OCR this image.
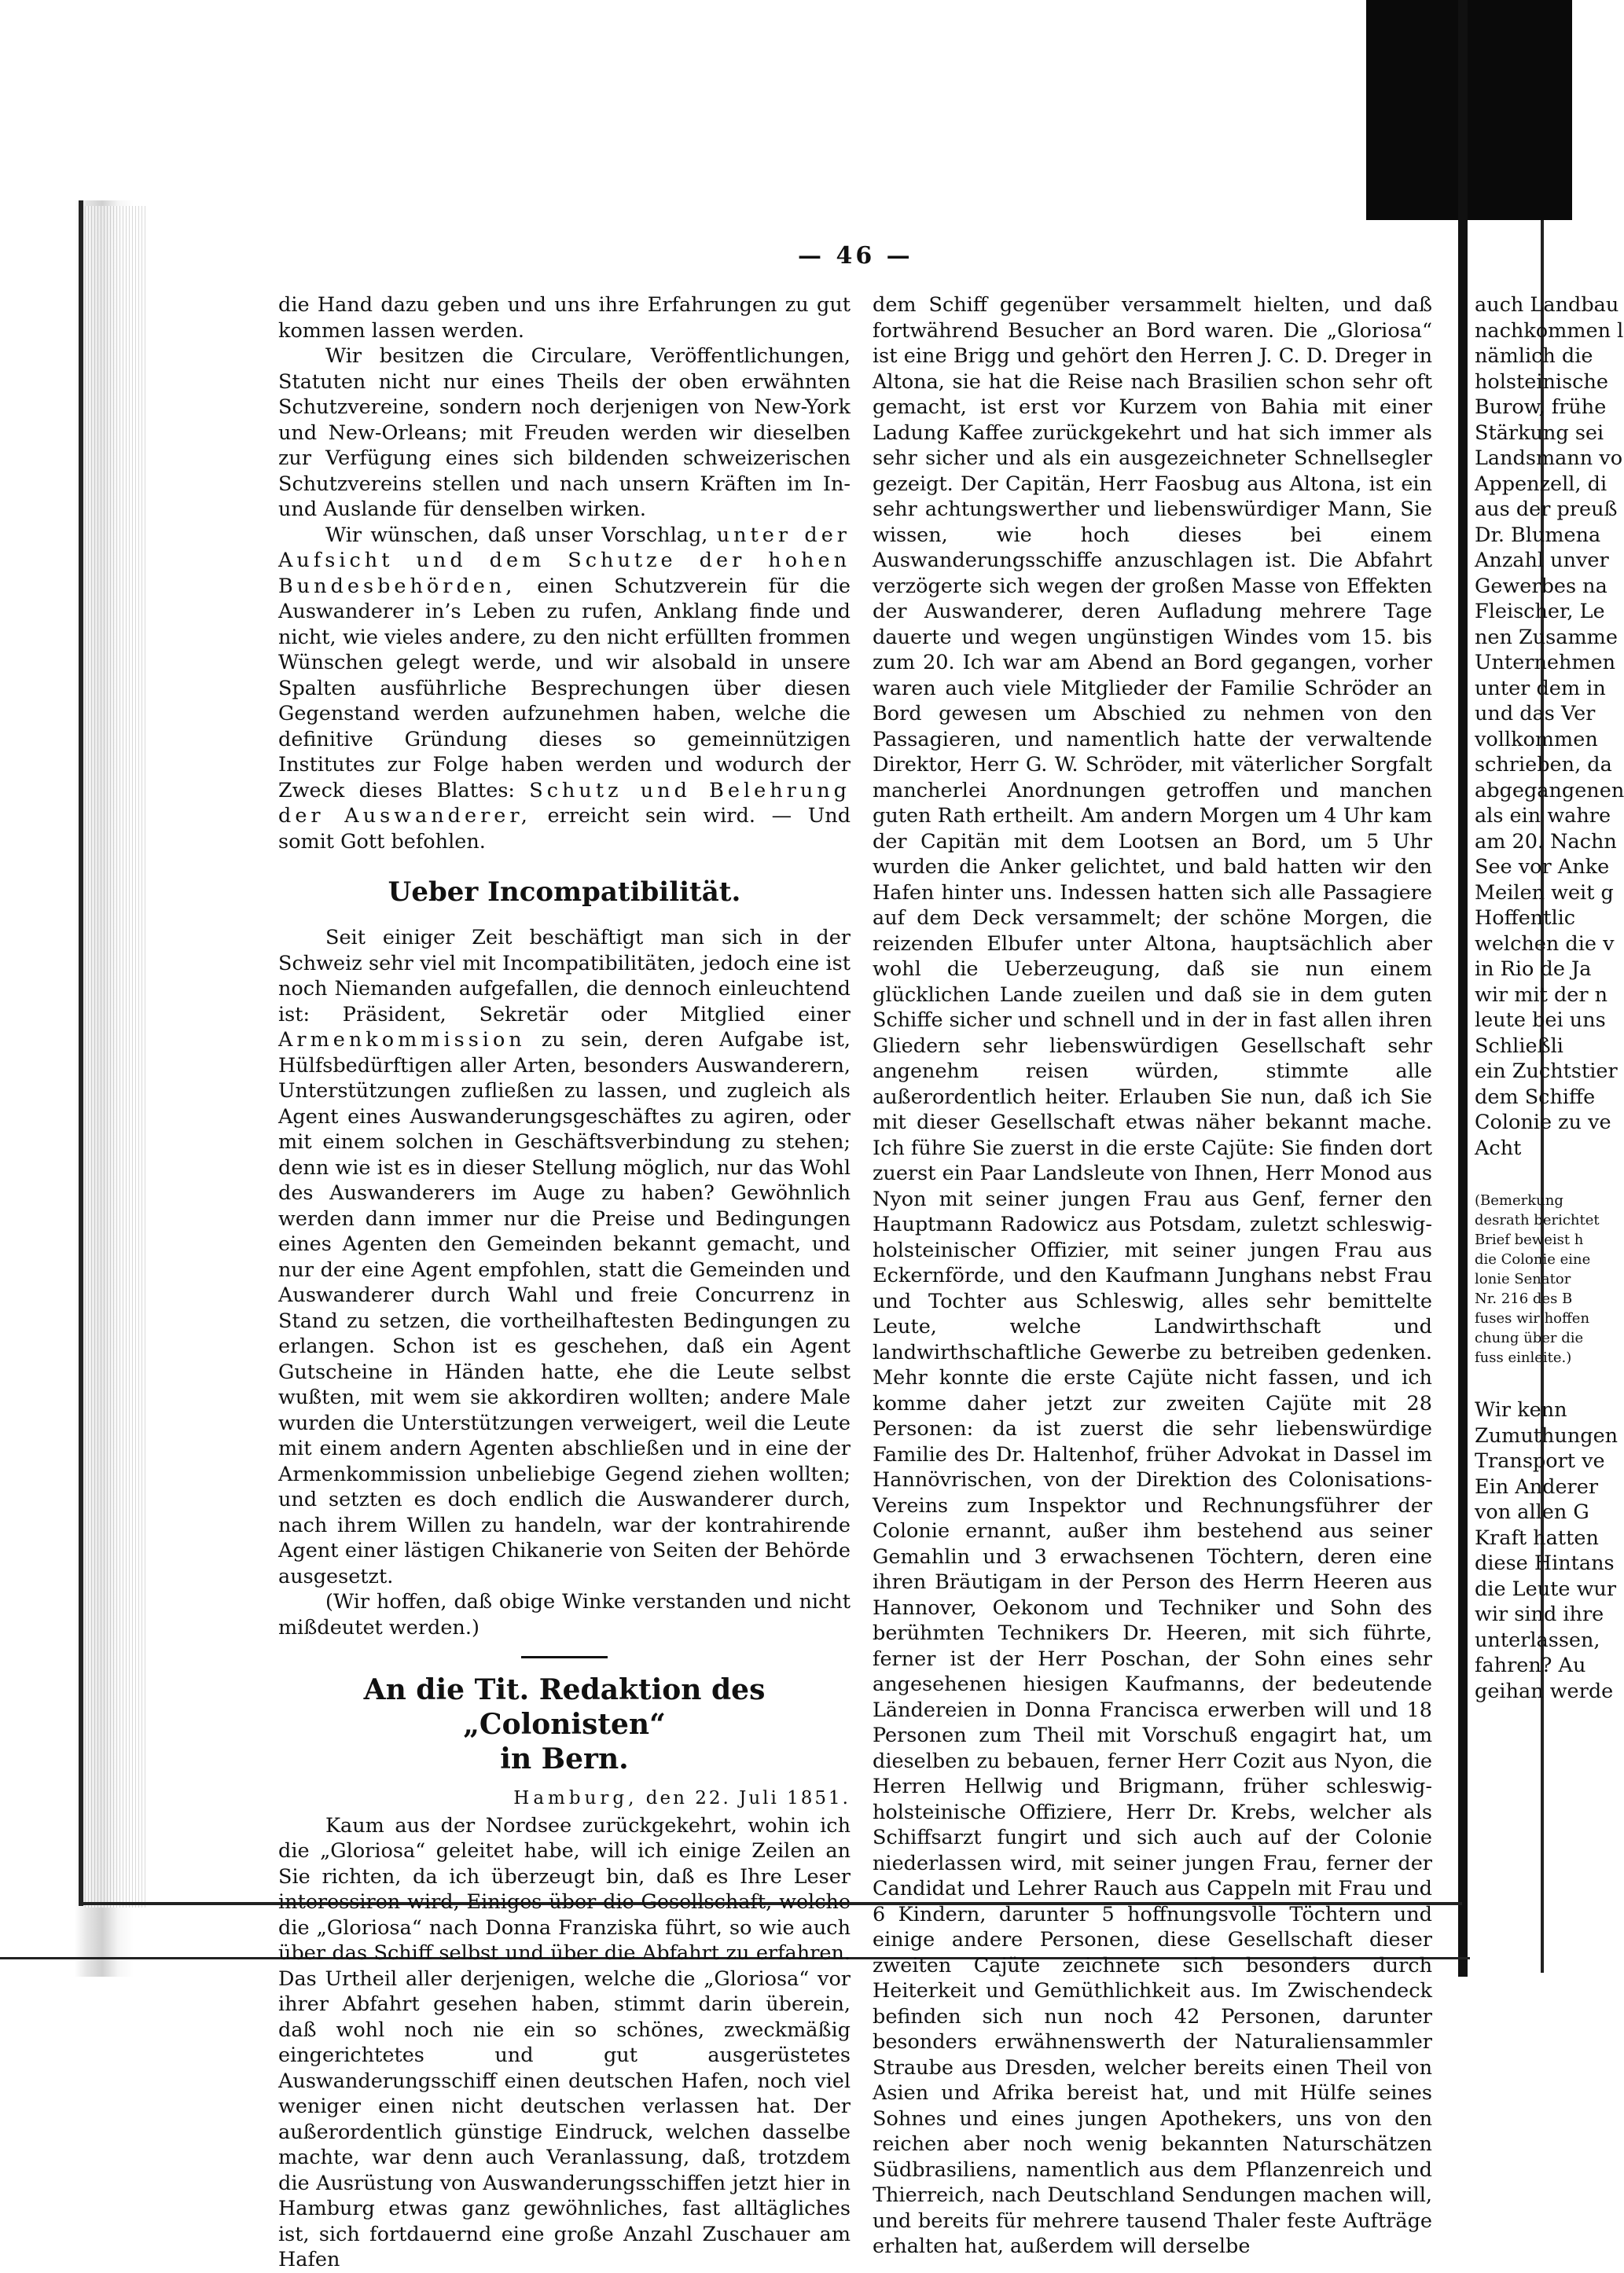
— 46 —

die Hand dazu geben und uns ihre Erfahrungen zu gut kommen lassen werden.

Wir besitzen die Circulare, Veröffentlichungen, Statuten nicht nur eines Theils der oben erwähnten Schutzvereine, sondern noch derjenigen von New-York und New-Orleans; mit Freuden werden wir dieselben zur Verfügung eines sich bildenden schweizerischen Schutzvereins stellen und nach unsern Kräften im In- und Auslande für denselben wirken.

Wir wünschen, daß unser Vorschlag, unter der Aufsicht und dem Schutze der hohen Bundesbehörden, einen Schutzverein für die Auswanderer in’s Leben zu rufen, Anklang finde und nicht, wie vieles andere, zu den nicht erfüllten frommen Wünschen gelegt werde, und wir alsobald in unsere Spalten ausführliche Besprechungen über diesen Gegenstand werden aufzunehmen haben, welche die definitive Gründung dieses so gemeinnützigen Institutes zur Folge haben werden und wodurch der Zweck dieses Blattes: Schutz und Belehrung der Auswanderer, erreicht sein wird. — Und somit Gott befohlen.

Ueber Incompatibilität.

Seit einiger Zeit beschäftigt man sich in der Schweiz sehr viel mit Incompatibilitäten, jedoch eine ist noch Niemanden aufgefallen, die dennoch einleuchtend ist: Präsident, Sekretär oder Mitglied einer Armenkommission zu sein, deren Aufgabe ist, Hülfsbedürftigen aller Arten, besonders Auswanderern, Unterstützungen zufließen zu lassen, und zugleich als Agent eines Auswanderungsgeschäftes zu agiren, oder mit einem solchen in Geschäftsverbindung zu stehen; denn wie ist es in dieser Stellung möglich, nur das Wohl des Auswanderers im Auge zu haben? Gewöhnlich werden dann immer nur die Preise und Bedingungen eines Agenten den Gemeinden bekannt gemacht, und nur der eine Agent empfohlen, statt die Gemeinden und Auswanderer durch Wahl und freie Concurrenz in Stand zu setzen, die vortheilhaftesten Bedingungen zu erlangen. Schon ist es geschehen, daß ein Agent Gutscheine in Händen hatte, ehe die Leute selbst wußten, mit wem sie akkordiren wollten; andere Male wurden die Unterstützungen verweigert, weil die Leute mit einem andern Agenten abschließen und in eine der Armenkommission unbeliebige Gegend ziehen wollten; und setzten es doch endlich die Auswanderer durch, nach ihrem Willen zu handeln, war der kontrahirende Agent einer lästigen Chikanerie von Seiten der Behörde ausgesetzt.

(Wir hoffen, daß obige Winke verstanden und nicht mißdeutet werden.)

An die Tit. Redaktion des „Colonisten“
in Bern.
Hamburg, den 22. Juli 1851.

Kaum aus der Nordsee zurückgekehrt, wohin ich die „Gloriosa“ geleitet habe, will ich einige Zeilen an Sie richten, da ich überzeugt bin, daß es Ihre Leser interessiren wird, Einiges über die Gesellschaft, welche die „Gloriosa“ nach Donna Franziska führt, so wie auch über das Schiff selbst und über die Abfahrt zu erfahren. Das Urtheil aller derjenigen, welche die „Gloriosa“ vor ihrer Abfahrt gesehen haben, stimmt darin überein, daß wohl noch nie ein so schönes, zweckmäßig eingerichtetes und gut ausgerüstetes Auswanderungsschiff einen deutschen Hafen, noch viel weniger einen nicht deutschen verlassen hat. Der außerordentlich günstige Eindruck, welchen dasselbe machte, war denn auch Veranlassung, daß, trotzdem die Ausrüstung von Auswanderungsschiffen jetzt hier in Hamburg etwas ganz gewöhnliches, fast alltägliches ist, sich fortdauernd eine große Anzahl Zuschauer am Hafen

dem Schiff gegenüber versammelt hielten, und daß fortwährend Besucher an Bord waren. Die „Gloriosa“ ist eine Brigg und gehört den Herren J. C. D. Dreger in Altona, sie hat die Reise nach Brasilien schon sehr oft gemacht, ist erst vor Kurzem von Bahia mit einer Ladung Kaffee zurückgekehrt und hat sich immer als sehr sicher und als ein ausgezeichneter Schnellsegler gezeigt. Der Capitän, Herr Faosbug aus Altona, ist ein sehr achtungswerther und liebenswürdiger Mann, Sie wissen, wie hoch dieses bei einem Auswanderungsschiffe anzuschlagen ist. Die Abfahrt verzögerte sich wegen der großen Masse von Effekten der Auswanderer, deren Aufladung mehrere Tage dauerte und wegen ungünstigen Windes vom 15. bis zum 20. Ich war am Abend an Bord gegangen, vorher waren auch viele Mitglieder der Familie Schröder an Bord gewesen um Abschied zu nehmen von den Passagieren, und namentlich hatte der verwaltende Direktor, Herr G. W. Schröder, mit väterlicher Sorgfalt mancherlei Anordnungen getroffen und manchen guten Rath ertheilt. Am andern Morgen um 4 Uhr kam der Capitän mit dem Lootsen an Bord, um 5 Uhr wurden die Anker gelichtet, und bald hatten wir den Hafen hinter uns. Indessen hatten sich alle Passagiere auf dem Deck versammelt; der schöne Morgen, die reizenden Elbufer unter Altona, hauptsächlich aber wohl die Ueberzeugung, daß sie nun einem glücklichen Lande zueilen und daß sie in dem guten Schiffe sicher und schnell und in der in fast allen ihren Gliedern sehr liebenswürdigen Gesellschaft sehr angenehm reisen würden, stimmte alle außerordentlich heiter. Erlauben Sie nun, daß ich Sie mit dieser Gesellschaft etwas näher bekannt mache. Ich führe Sie zuerst in die erste Cajüte: Sie finden dort zuerst ein Paar Landsleute von Ihnen, Herr Monod aus Nyon mit seiner jungen Frau aus Genf, ferner den Hauptmann Radowicz aus Potsdam, zuletzt schleswig-holsteinischer Offizier, mit seiner jungen Frau aus Eckernförde, und den Kaufmann Junghans nebst Frau und Tochter aus Schleswig, alles sehr bemittelte Leute, welche Landwirthschaft und landwirthschaftliche Gewerbe zu betreiben gedenken. Mehr konnte die erste Cajüte nicht fassen, und ich komme daher jetzt zur zweiten Cajüte mit 28 Personen: da ist zuerst die sehr liebenswürdige Familie des Dr. Haltenhof, früher Advokat in Dassel im Hannövrischen, von der Direktion des Colonisations-Vereins zum Inspektor und Rechnungsführer der Colonie ernannt, außer ihm bestehend aus seiner Gemahlin und 3 erwachsenen Töchtern, deren eine ihren Bräutigam in der Person des Herrn Heeren aus Hannover, Oekonom und Techniker und Sohn des berühmten Technikers Dr. Heeren, mit sich führte, ferner ist der Herr Poschan, der Sohn eines sehr angesehenen hiesigen Kaufmanns, der bedeutende Ländereien in Donna Francisca erwerben will und 18 Personen zum Theil mit Vorschuß engagirt hat, um dieselben zu bebauen, ferner Herr Cozit aus Nyon, die Herren Hellwig und Brigmann, früher schleswig-holsteinische Offiziere, Herr Dr. Krebs, welcher als Schiffsarzt fungirt und sich auch auf der Colonie niederlassen wird, mit seiner jungen Frau, ferner der Candidat und Lehrer Rauch aus Cappeln mit Frau und 6 Kindern, darunter 5 hoffnungsvolle Töchtern und einige andere Personen, diese Gesellschaft dieser zweiten Cajüte zeichnete sich besonders durch Heiterkeit und Gemüthlichkeit aus. Im Zwischendeck befinden sich nun noch 42 Personen, darunter besonders erwähnenswerth der Naturaliensammler Straube aus Dresden, welcher bereits einen Theil von Asien und Afrika bereist hat, und mit Hülfe seines Sohnes und eines jungen Apothekers, uns von den reichen aber noch wenig bekannten Naturschätzen Südbrasiliens, namentlich aus dem Pflanzenreich und Thierreich, nach Deutschland Sendungen machen will, und bereits für mehrere tausend Thaler feste Aufträge erhalten hat, außerdem will derselbe

auch Landbau
nachkommen l
nämlich die
holsteinische
Burow, frühe
Stärkung sei
Landsmann vo
Appenzell, di
aus der preuß
Dr. Blumena
Anzahl unver
Gewerbes na
Fleischer, Le
nen Zusamme
Unternehmen
unter dem in
und das Ver
vollkommen
schrieben, da
abgegangenen
als ein wahre
am 20. Nachn
See vor Anke
Meilen weit g
Hoffentlic
welchen die v
in Rio de Ja
wir mit der n
leute bei uns
Schließli
ein Zuchtstier
dem Schiffe
Colonie zu ve
Acht
(Bemerkung
desrath berichtet
Brief beweist h
die Colonie eine
lonie Senator
Nr. 216 des B
fuses wir hoffen
chung über die
fuss einleite.)
Wir kenn
Zumuthungen
Transport ve
Ein Anderer
von allen G
Kraft hatten
diese Hintans
die Leute wur
wir sind ihre
unterlassen,
fahren? Au
geihan werde
